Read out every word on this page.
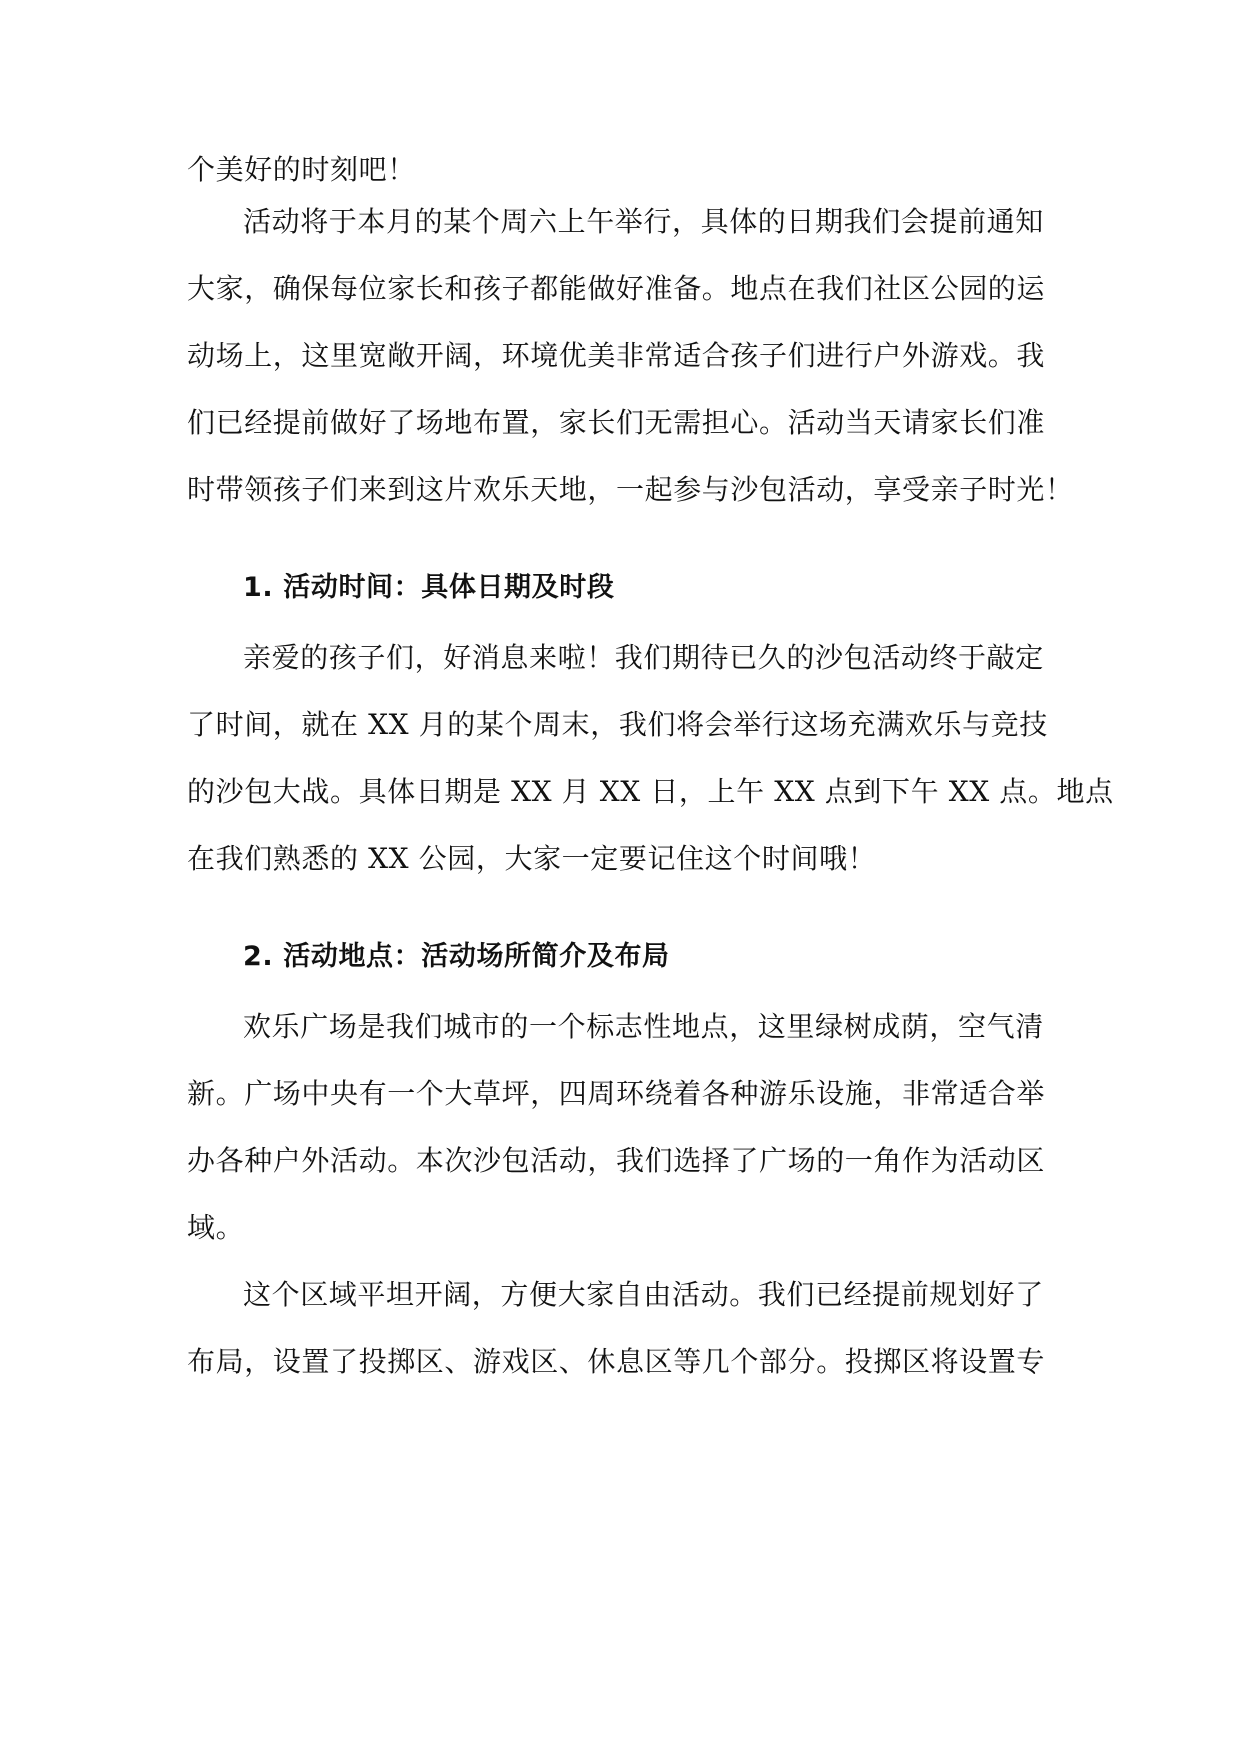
个美好的时刻吧！
活动将于本月的某个周六上午举行，具体的日期我们会提前通知
大家，确保每位家长和孩子都能做好准备。地点在我们社区公园的运
动场上，这里宽敞开阔，环境优美非常适合孩子们进行户外游戏。我
们已经提前做好了场地布置，家长们无需担心。活动当天请家长们准
时带领孩子们来到这片欢乐天地，一起参与沙包活动，享受亲子时光！
1. 活动时间：具体日期及时段
亲爱的孩子们，好消息来啦！我们期待已久的沙包活动终于敲定
了时间，就在 XX 月的某个周末，我们将会举行这场充满欢乐与竞技
的沙包大战。具体日期是 XX 月 XX 日，上午 XX 点到下午 XX 点。地点
在我们熟悉的 XX 公园，大家一定要记住这个时间哦！
2. 活动地点：活动场所简介及布局
欢乐广场是我们城市的一个标志性地点，这里绿树成荫，空气清
新。广场中央有一个大草坪，四周环绕着各种游乐设施，非常适合举
办各种户外活动。本次沙包活动，我们选择了广场的一角作为活动区
域。
这个区域平坦开阔，方便大家自由活动。我们已经提前规划好了
布局，设置了投掷区、游戏区、休息区等几个部分。投掷区将设置专
